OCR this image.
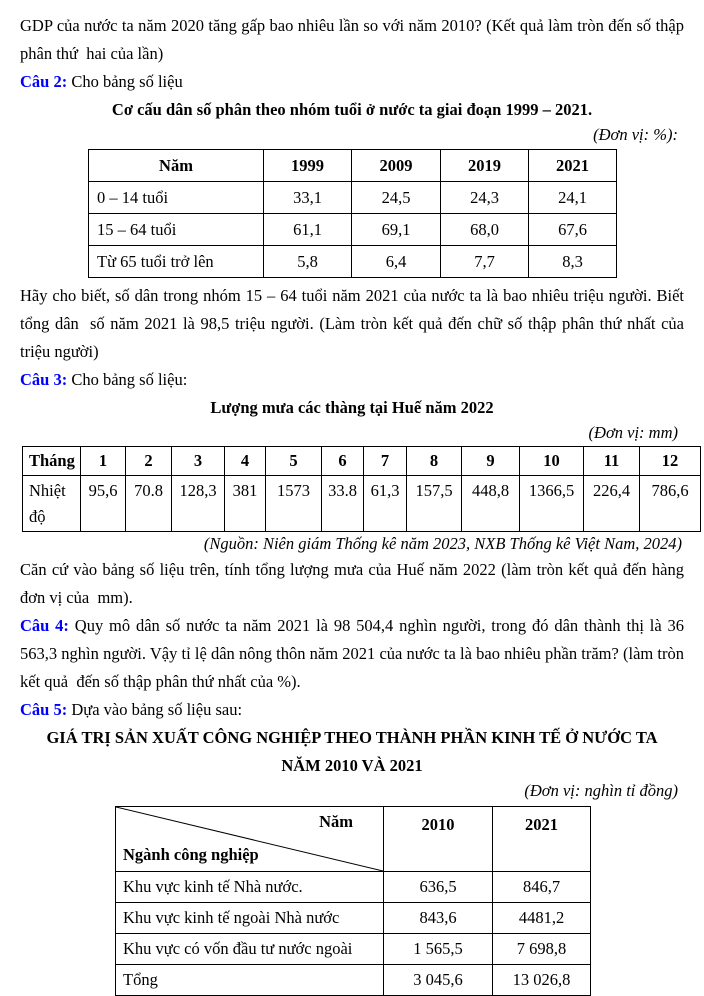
GDP của nước ta năm 2020 tăng gấp bao nhiêu lần so với năm 2010? (Kết quả làm tròn đến số thập phân thứ  hai của lần)

Câu 2: Cho bảng số liệu

Cơ cấu dân số phân theo nhóm tuổi ở nước ta giai đoạn 1999 – 2021.
(Đơn vị: %):
Năm	1999	2009	2019	2021
0 – 14 tuổi	33,1	24,5	24,3	24,1
15 – 64 tuổi	61,1	69,1	68,0	67,6
Từ 65 tuổi trở lên	5,8	6,4	7,7	8,3

Hãy cho biết, số dân trong nhóm 15 – 64 tuổi năm 2021 của nước ta là bao nhiêu triệu người. Biết tổng dân  số năm 2021 là 98,5 triệu người. (Làm tròn kết quả đến chữ số thập phân thứ nhất của triệu người)

Câu 3: Cho bảng số liệu:

Lượng mưa các thàng tại Huế năm 2022
(Đơn vị: mm)
Tháng	1	2	3	4	5	6	7	8	9	10	11	12
Nhiệt độ	95,6	70.8	128,3	381	1573	33.8	61,3	157,5	448,8	1366,5	226,4	786,6
(Nguồn: Niên giám Thống kê năm 2023, NXB Thống kê Việt Nam, 2024)

Căn cứ vào bảng số liệu trên, tính tổng lượng mưa của Huế năm 2022 (làm tròn kết quả đến hàng đơn vị của  mm).

Câu 4: Quy mô dân số nước ta năm 2021 là 98 504,4 nghìn người, trong đó dân thành thị là 36  563,3 nghìn người. Vậy tỉ lệ dân nông thôn năm 2021 của nước ta là bao nhiêu phần trăm? (làm tròn kết quả  đến số thập phân thứ nhất của %).

Câu 5: Dựa vào bảng số liệu sau:

GIÁ TRỊ SẢN XUẤT CÔNG NGHIỆP THEO THÀNH PHẦN KINH TẾ Ở NƯỚC TA
NĂM 2010 VÀ 2021
(Đơn vị: nghìn tỉ đồng)
Năm
Ngành công nghiệp	2010	2021
Khu vực kinh tế Nhà nước.	636,5	846,7
Khu vực kinh tế ngoài Nhà nước	843,6	4481,2
Khu vực có vốn đầu tư nước ngoài	1 565,5	7 698,8
Tổng	3 045,6	13 026,8
